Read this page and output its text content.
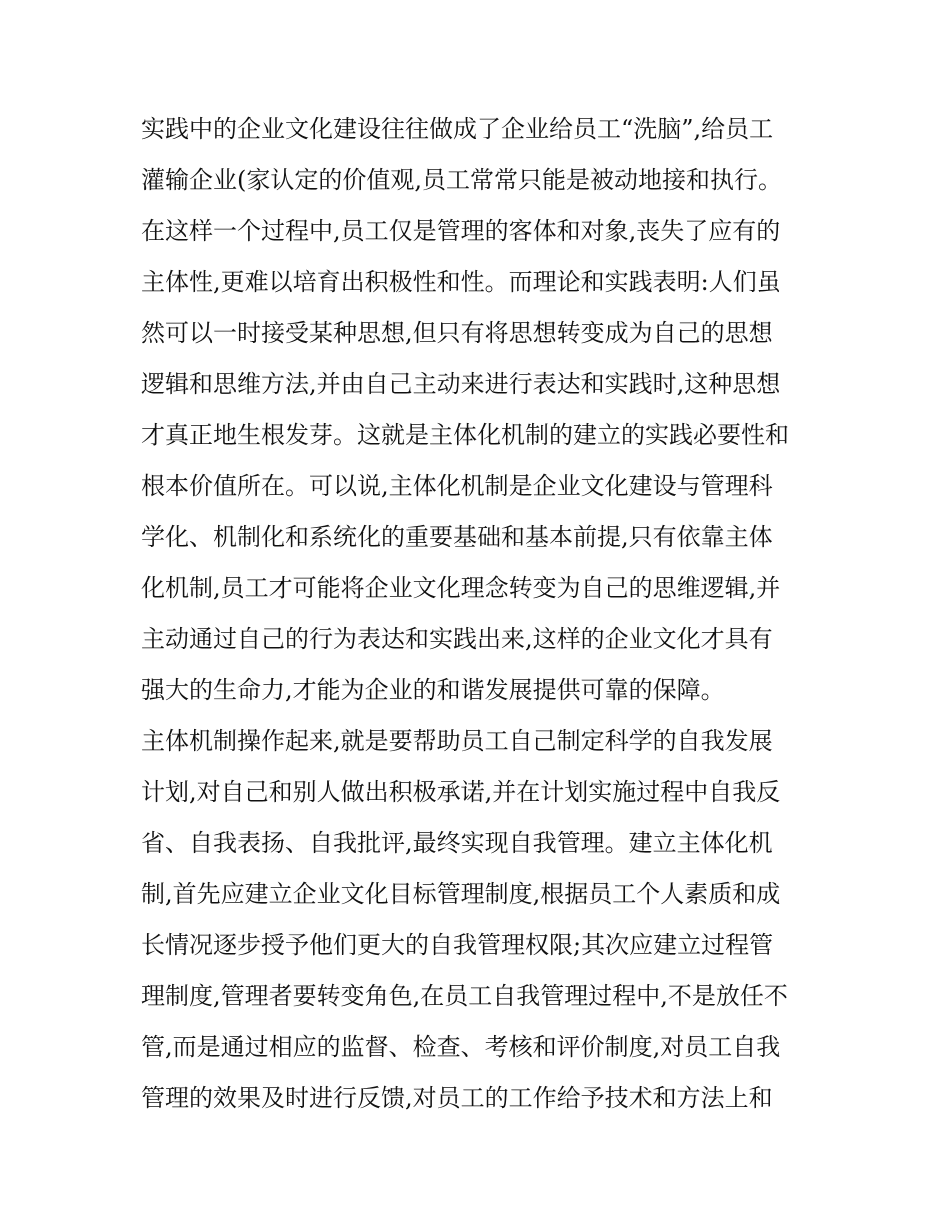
实践中的企业文化建设往往做成了企业给员工“洗脑”,给员工
灌输企业(家认定的价值观,员工常常只能是被动地接和执行。
在这样一个过程中,员工仅是管理的客体和对象,丧失了应有的
主体性,更难以培育出积极性和性。而理论和实践表明:人们虽
然可以一时接受某种思想,但只有将思想转变成为自己的思想
逻辑和思维方法,并由自己主动来进行表达和实践时,这种思想
才真正地生根发芽。这就是主体化机制的建立的实践必要性和
根本价值所在。可以说,主体化机制是企业文化建设与管理科
学化、机制化和系统化的重要基础和基本前提,只有依靠主体
化机制,员工才可能将企业文化理念转变为自己的思维逻辑,并
主动通过自己的行为表达和实践出来,这样的企业文化才具有
强大的生命力,才能为企业的和谐发展提供可靠的保障。
主体机制操作起来,就是要帮助员工自己制定科学的自我发展
计划,对自己和别人做出积极承诺,并在计划实施过程中自我反
省、自我表扬、自我批评,最终实现自我管理。建立主体化机
制,首先应建立企业文化目标管理制度,根据员工个人素质和成
长情况逐步授予他们更大的自我管理权限;其次应建立过程管
理制度,管理者要转变角色,在员工自我管理过程中,不是放任不
管,而是通过相应的监督、检查、考核和评价制度,对员工自我
管理的效果及时进行反馈,对员工的工作给予技术和方法上和
